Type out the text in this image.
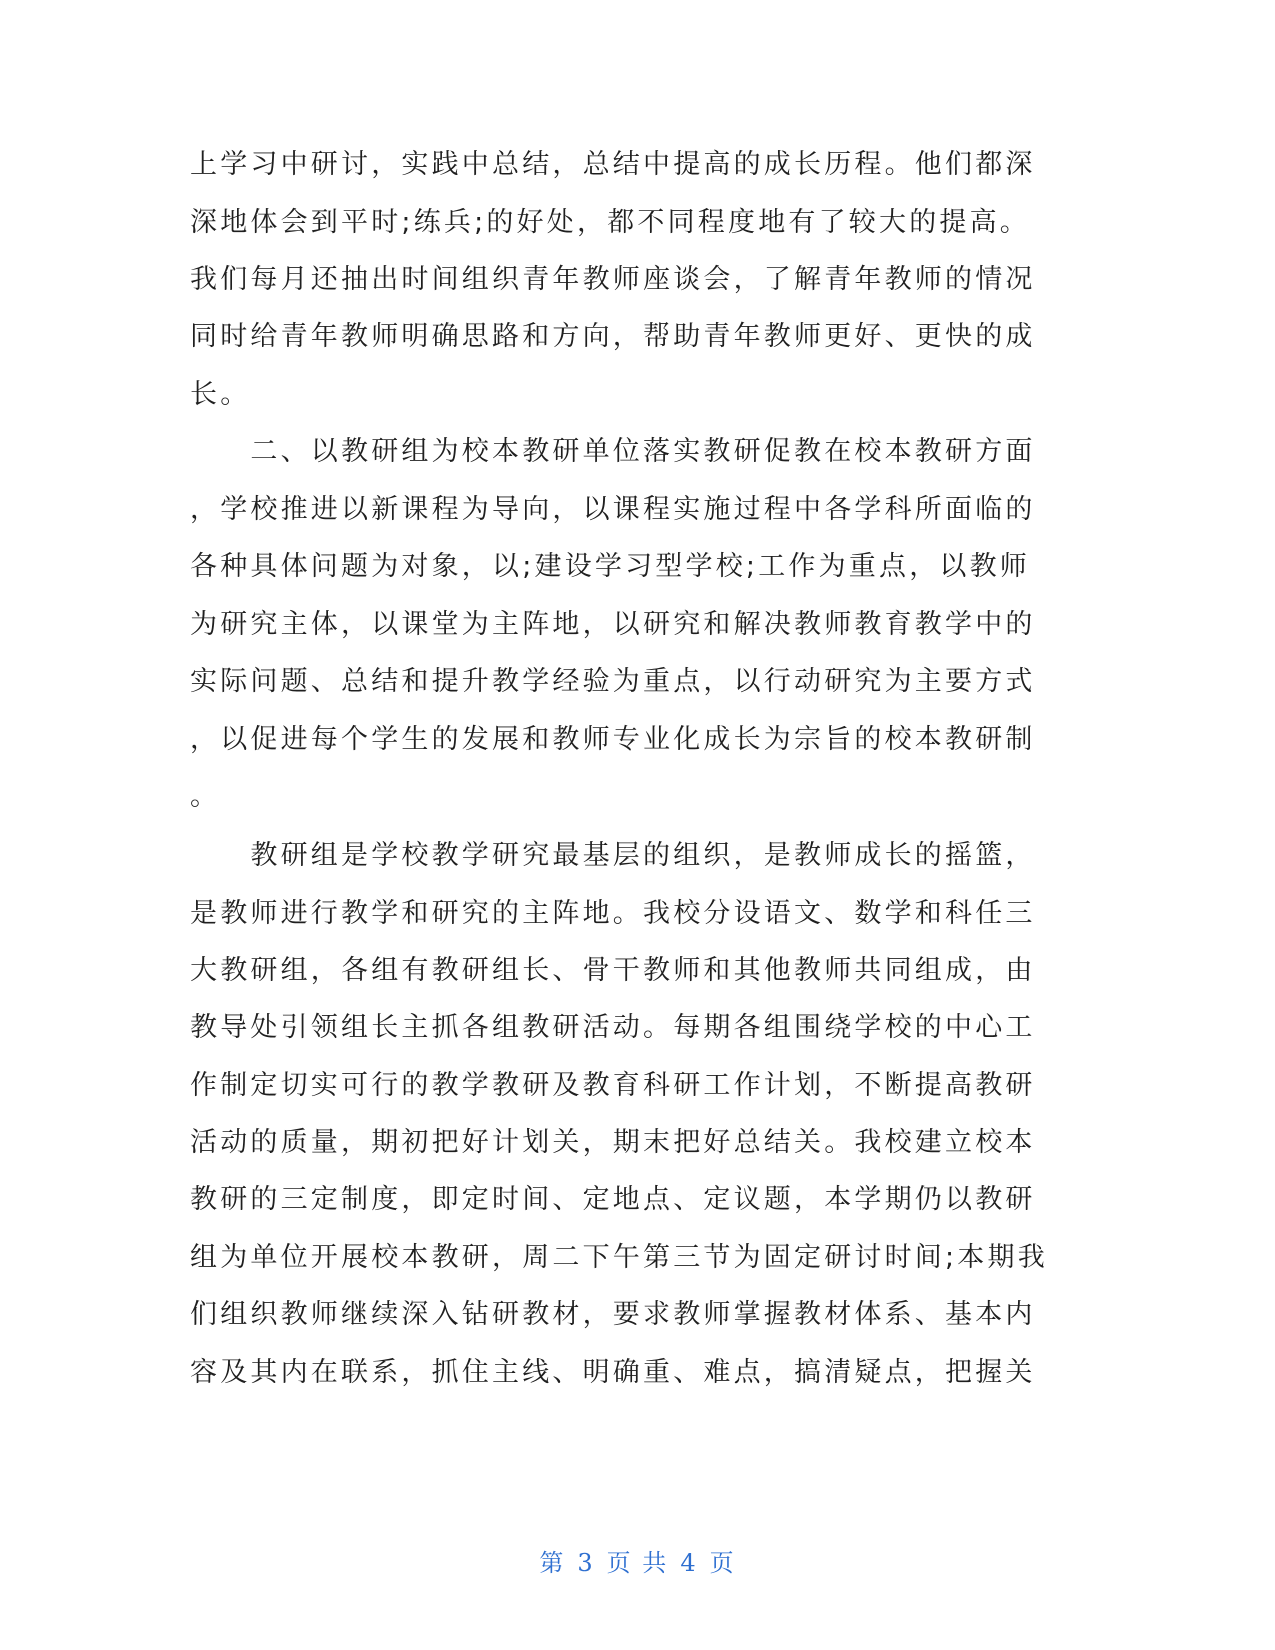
上学习中研讨，实践中总结，总结中提高的成长历程。他们都深
深地体会到平时;练兵;的好处，都不同程度地有了较大的提高。
我们每月还抽出时间组织青年教师座谈会，了解青年教师的情况
同时给青年教师明确思路和方向，帮助青年教师更好、更快的成
长。
　　二、以教研组为校本教研单位落实教研促教在校本教研方面
，学校推进以新课程为导向，以课程实施过程中各学科所面临的
各种具体问题为对象，以;建设学习型学校;工作为重点，以教师
为研究主体，以课堂为主阵地，以研究和解决教师教育教学中的
实际问题、总结和提升教学经验为重点，以行动研究为主要方式
，以促进每个学生的发展和教师专业化成长为宗旨的校本教研制
。
　　教研组是学校教学研究最基层的组织，是教师成长的摇篮，
是教师进行教学和研究的主阵地。我校分设语文、数学和科任三
大教研组，各组有教研组长、骨干教师和其他教师共同组成，由
教导处引领组长主抓各组教研活动。每期各组围绕学校的中心工
作制定切实可行的教学教研及教育科研工作计划，不断提高教研
活动的质量，期初把好计划关，期末把好总结关。我校建立校本
教研的三定制度，即定时间、定地点、定议题，本学期仍以教研
组为单位开展校本教研，周二下午第三节为固定研讨时间;本期我
们组织教师继续深入钻研教材，要求教师掌握教材体系、基本内
容及其内在联系，抓住主线、明确重、难点，搞清疑点，把握关
第 3 页 共 4 页
